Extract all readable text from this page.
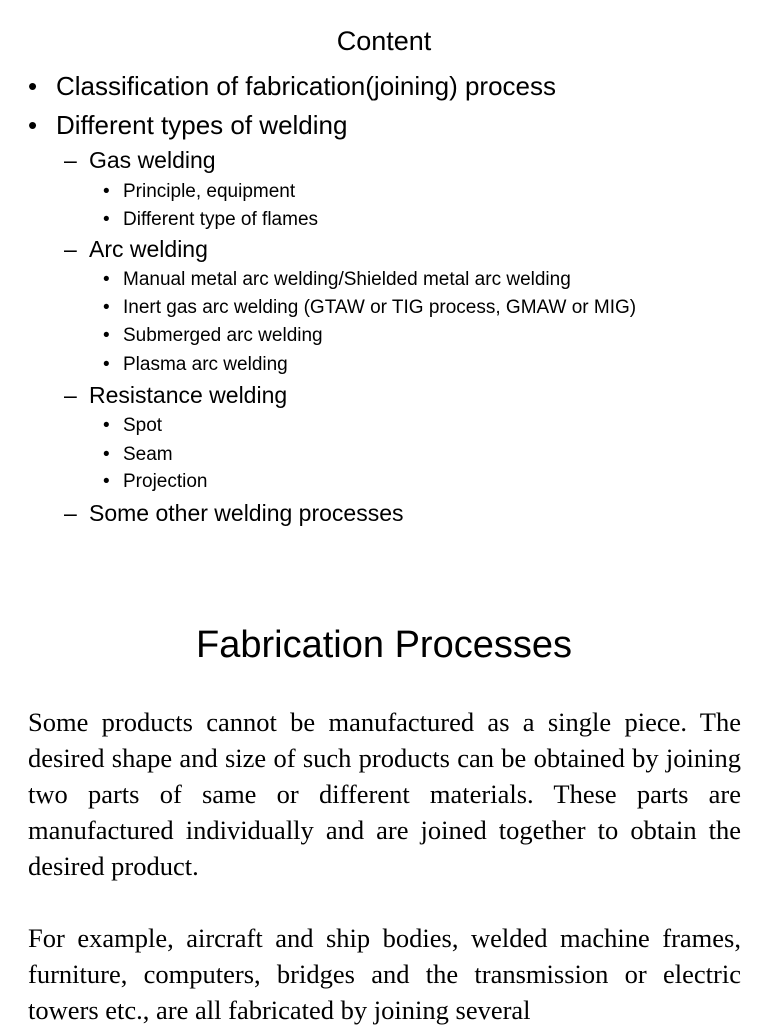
Content
• Classification of fabrication(joining) process
• Different types of welding
– Gas welding
• Principle, equipment
• Different type of flames
– Arc welding
• Manual metal arc welding/Shielded metal arc welding
• Inert gas arc welding (GTAW or TIG process, GMAW or MIG)
• Submerged arc welding
• Plasma arc welding
– Resistance welding
• Spot
• Seam
• Projection
– Some other welding processes
Fabrication Processes

Some products cannot be manufactured as a single piece. The desired shape and size of such products can be obtained by joining two parts of same or different materials. These parts are manufactured individually and are joined together to obtain the desired product.

For example, aircraft and ship bodies, welded machine frames, furniture, computers, bridges and the transmission or electric towers etc., are all fabricated by joining several
